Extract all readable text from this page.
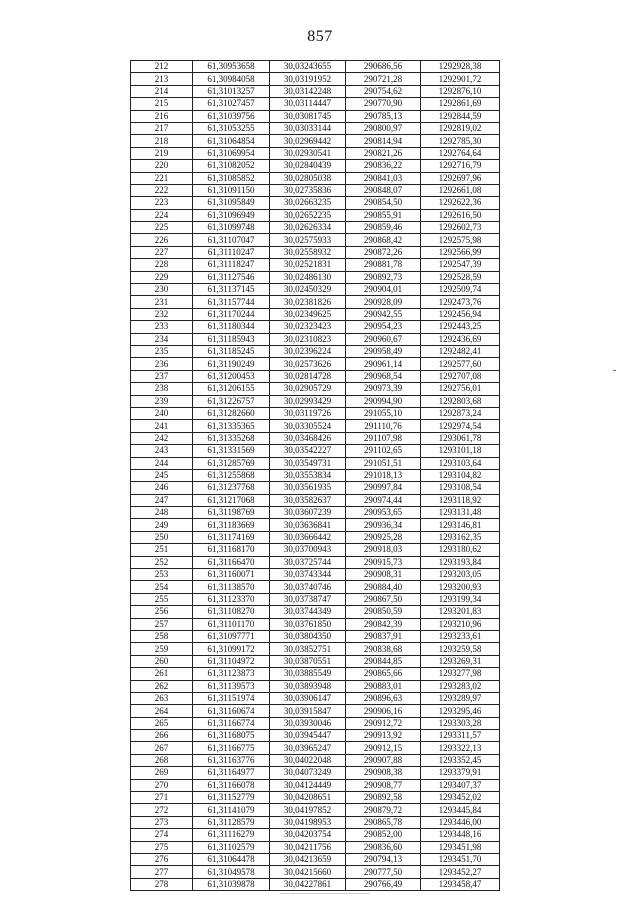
857
212	61,30953658	30,03243655	290686,56	1292928,38
213	61,30984058	30,03191952	290721,28	1292901,72
214	61,31013257	30,03142248	290754,62	1292876,10
215	61,31027457	30,03114447	290770,90	1292861,69
216	61,31039756	30,03081745	290785,13	1292844,59
217	61,31053255	30,03033144	290800,97	1292819,02
218	61,31064854	30,02969442	290814,94	1292785,30
219	61,31069954	30,02930541	290821,26	1292764,64
220	61,31082052	30,02840439	290836,22	1292716,79
221	61,31085852	30,02805038	290841,03	1292697,96
222	61,31091150	30,02735836	290848,07	1292661,08
223	61,31095849	30,02663235	290854,50	1292622,36
224	61,31096949	30,02652235	290855,91	1292616,50
225	61,31099748	30,02626334	290859,46	1292602,73
226	61,31107047	30,02575933	290868,42	1292575,98
227	61,31110247	30,02558932	290872,26	1292566,99
228	61,31118247	30,02521831	290881,78	1292547,39
229	61,31127546	30,02486130	290892,73	1292528,59
230	61,31137145	30,02450329	290904,01	1292509,74
231	61,31157744	30,02381826	290928,09	1292473,76
232	61,31170244	30,02349625	290942,55	1292456,94
233	61,31180344	30,02323423	290954,23	1292443,25
234	61,31185943	30,02310823	290960,67	1292436,69
235	61,31185245	30,02396224	290958,49	1292482,41
236	61,31190249	30,02573626	290961,14	1292577,60
237	61,31200453	30,02814728	290968,54	1292707,08
238	61,31206155	30,02905729	290973,39	1292756,01
239	61,31226757	30,02993429	290994,90	1292803,68
240	61,31282660	30,03119726	291055,10	1292873,24
241	61,31335365	30,03305524	291110,76	1292974,54
242	61,31335268	30,03468426	291107,98	1293061,78
243	61,31331569	30,03542227	291102,65	1293101,18
244	61,31285769	30,03549731	291051,51	1293103,64
245	61,31255868	30,03553834	291018,13	1293104,82
246	61,31237768	30,03561935	290997,84	1293108,54
247	61,31217068	30,03582637	290974,44	1293118,92
248	61,31198769	30,03607239	290953,65	1293131,48
249	61,31183669	30,03636841	290936,34	1293146,81
250	61,31174169	30,03666442	290925,28	1293162,35
251	61,31168170	30,03700943	290918,03	1293180,62
252	61,31166470	30,03725744	290915,73	1293193,84
253	61,31160071	30,03743344	290908,31	1293203,05
254	61,31138570	30,03740746	290884,40	1293200,93
255	61,31123370	30,03738747	290867,50	1293199,34
256	61,31108270	30,03744349	290850,59	1293201,83
257	61,31101170	30,03761850	290842,39	1293210,96
258	61,31097771	30,03804350	290837,91	1293233,61
259	61,31099172	30,03852751	290838,68	1293259,58
260	61,31104972	30,03870551	290844,85	1293269,31
261	61,31123873	30,03885549	290865,66	1293277,98
262	61,31139573	30,03893948	290883,01	1293283,02
263	61,31151974	30,03906147	290896,63	1293289,97
264	61,31160674	30,03915847	290906,16	1293295,46
265	61,31166774	30,03930046	290912,72	1293303,28
266	61,31168075	30,03945447	290913,92	1293311,57
267	61,31166775	30,03965247	290912,15	1293322,13
268	61,31163776	30,04022048	290907,88	1293352,45
269	61,31164977	30,04073249	290908,38	1293379,91
270	61,31166078	30,04124449	290908,77	1293407,37
271	61,31152779	30,04208651	290892,58	1293452,02
272	61,31141079	30,04197852	290879,72	1293445,84
273	61,31128579	30,04198953	290865,78	1293446,00
274	61,31116279	30,04203754	290852,00	1293448,16
275	61,31102579	30,04211756	290836,60	1293451,98
276	61,31064478	30,04213659	290794,13	1293451,70
277	61,31049578	30,04215660	290777,50	1293452,27
278	61,31039878	30,04227861	290766,49	1293458,47
